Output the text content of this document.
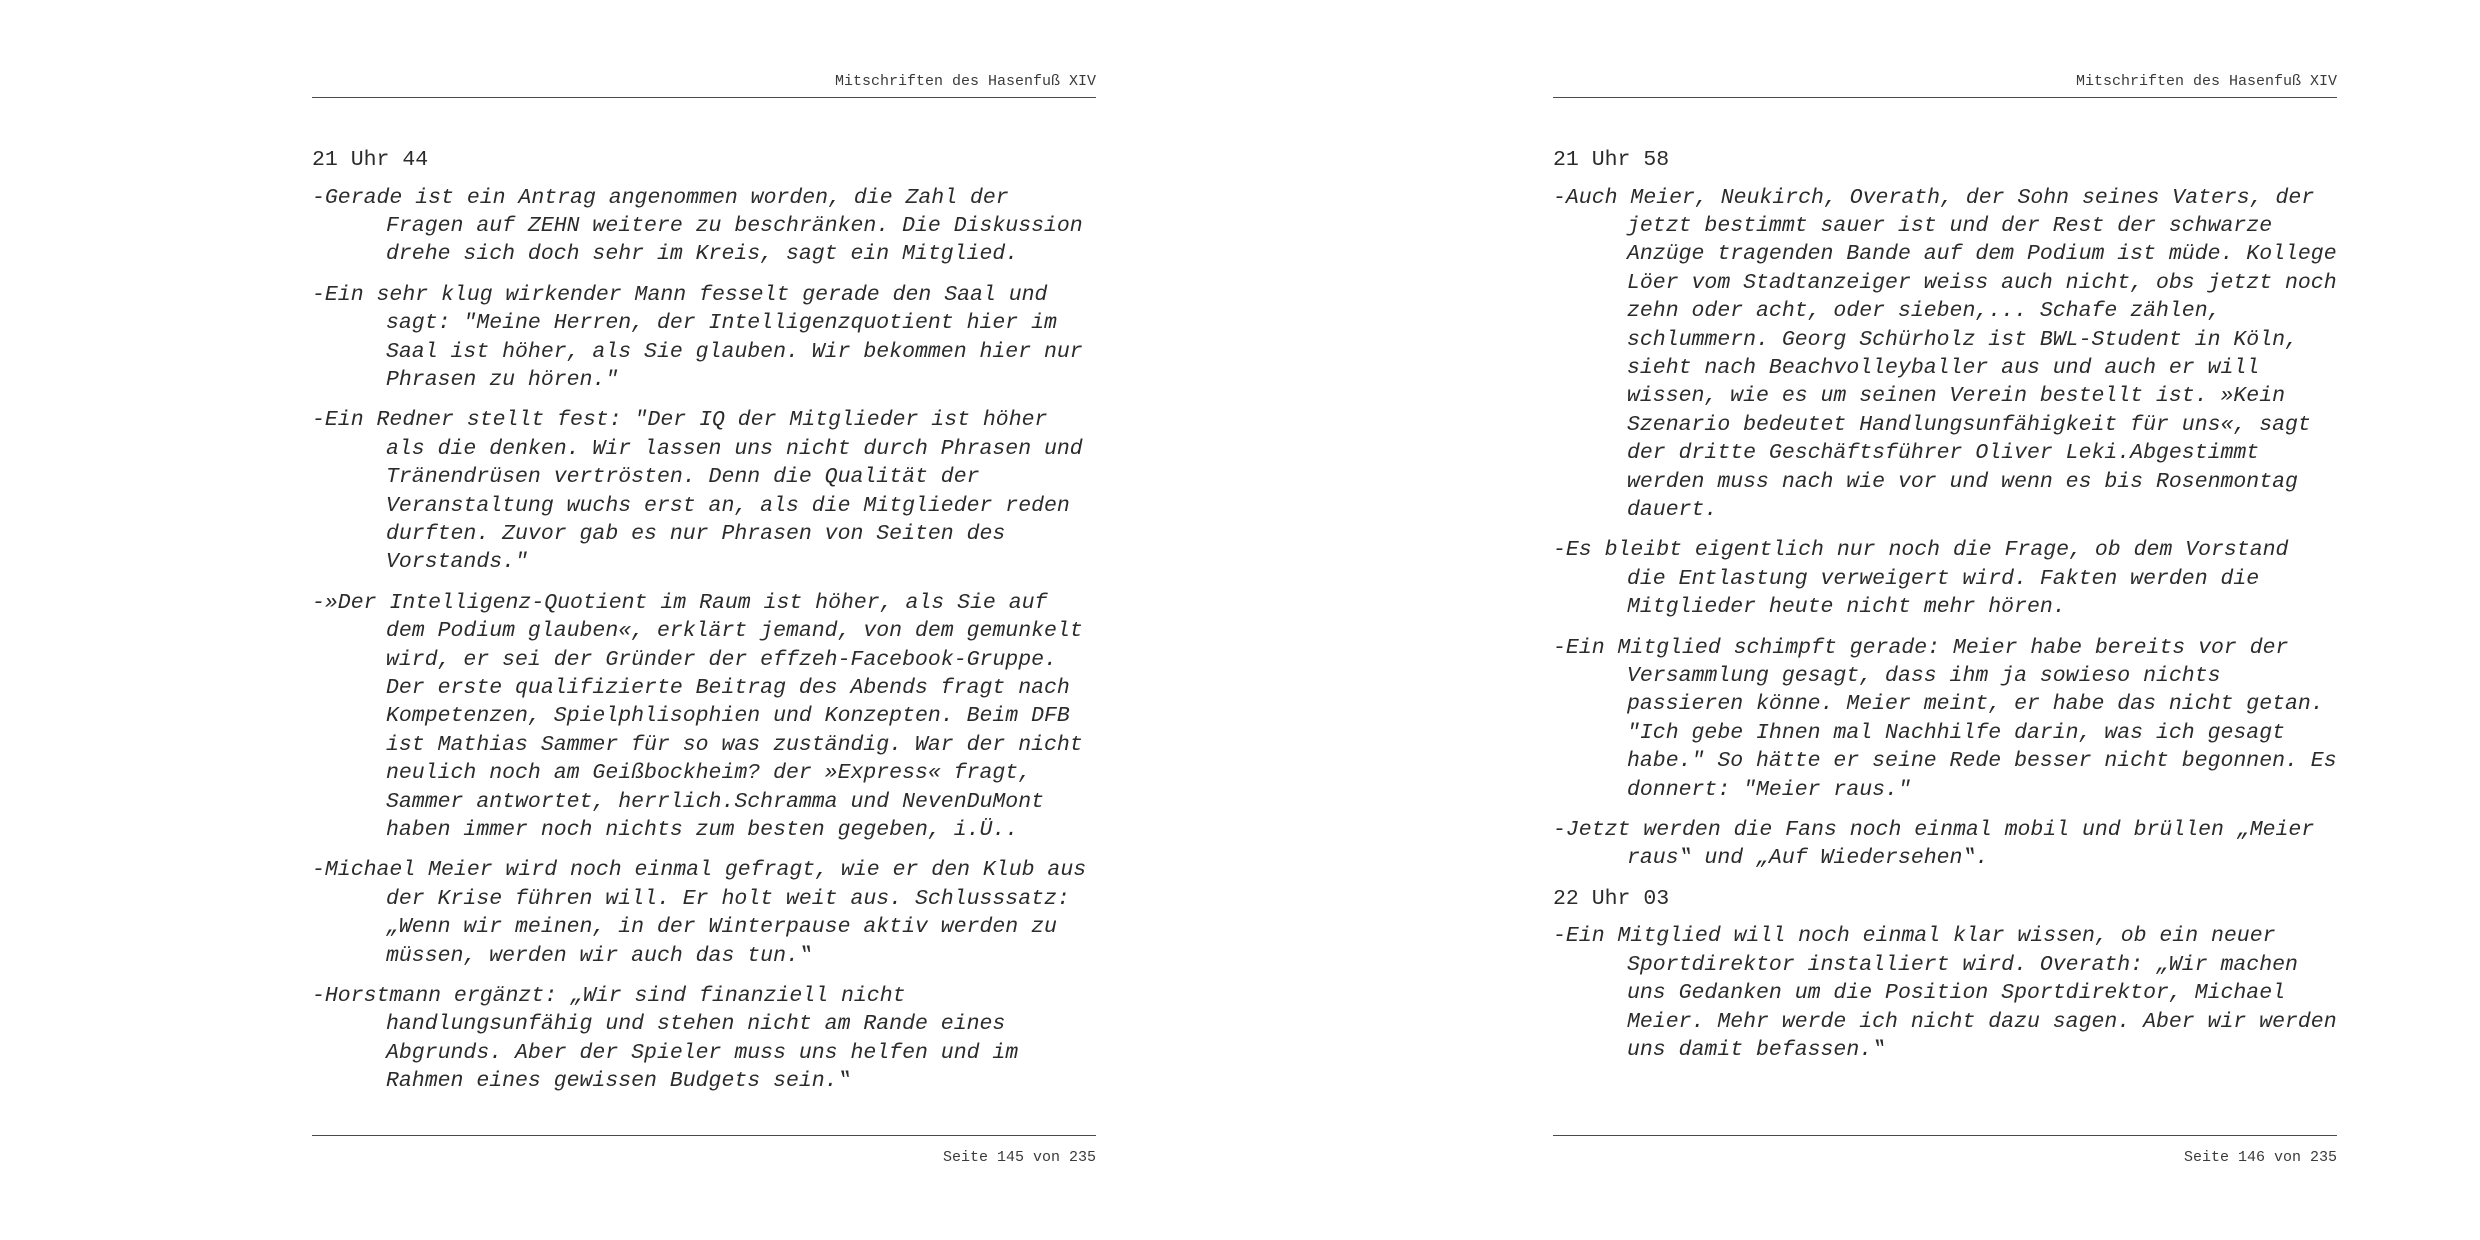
Mitschriften des Hasenfuß XIV
21 Uhr 44

-Gerade ist ein Antrag angenommen worden, die Zahl der Fragen auf ZEHN weitere zu beschränken. Die Diskussion drehe sich doch sehr im Kreis, sagt ein Mitglied.

-Ein sehr klug wirkender Mann fesselt gerade den Saal und sagt: "Meine Herren, der Intelligenzquotient hier im Saal ist höher, als Sie glauben. Wir bekommen hier nur Phrasen zu hören."

-Ein Redner stellt fest: "Der IQ der Mitglieder ist höher als die denken. Wir lassen uns nicht durch Phrasen und Tränendrüsen vertrösten. Denn die Qualität der Veranstaltung wuchs erst an, als die Mitglieder reden durften. Zuvor gab es nur Phrasen von Seiten des Vorstands."

-»Der Intelligenz-Quotient im Raum ist höher, als Sie auf dem Podium glauben«, erklärt jemand, von dem gemunkelt wird, er sei der Gründer der effzeh-Facebook-Gruppe. Der erste qualifizierte Beitrag des Abends fragt nach Kompetenzen, Spielphlisophien und Konzepten. Beim DFB ist Mathias Sammer für so was zuständig. War der nicht neulich noch am Geißbockheim? der »Express« fragt, Sammer antwortet, herrlich.Schramma und NevenDuMont haben immer noch nichts zum besten gegeben, i.Ü..

-Michael Meier wird noch einmal gefragt, wie er den Klub aus der Krise führen will. Er holt weit aus. Schlusssatz: „Wenn wir meinen, in der Winterpause aktiv werden zu müssen, werden wir auch das tun.‟

-Horstmann ergänzt: „Wir sind finanziell nicht handlungsunfähig und stehen nicht am Rande eines Abgrunds. Aber der Spieler muss uns helfen und im Rahmen eines gewissen Budgets sein.‟

Seite 145 von 235
Mitschriften des Hasenfuß XIV
21 Uhr 58

-Auch Meier, Neukirch, Overath, der Sohn seines Vaters, der jetzt bestimmt sauer ist und der Rest der schwarze Anzüge tragenden Bande auf dem Podium ist müde. Kollege Löer vom Stadtanzeiger weiss auch nicht, obs jetzt noch zehn oder acht, oder sieben,... Schafe zählen, schlummern. Georg Schürholz ist BWL-Student in Köln, sieht nach Beachvolleyballer aus und auch er will wissen, wie es um seinen Verein bestellt ist. »Kein Szenario bedeutet Handlungsunfähigkeit für uns«, sagt der dritte Geschäftsführer Oliver Leki.Abgestimmt werden muss nach wie vor und wenn es bis Rosenmontag dauert.

-Es bleibt eigentlich nur noch die Frage, ob dem Vorstand die Entlastung verweigert wird. Fakten werden die Mitglieder heute nicht mehr hören.

-Ein Mitglied schimpft gerade: Meier habe bereits vor der Versammlung gesagt, dass ihm ja sowieso nichts passieren könne. Meier meint, er habe das nicht getan. "Ich gebe Ihnen mal Nachhilfe darin, was ich gesagt habe." So hätte er seine Rede besser nicht begonnen. Es donnert: "Meier raus."

-Jetzt werden die Fans noch einmal mobil und brüllen „Meier raus‟ und „Auf Wiedersehen‟.

22 Uhr 03

-Ein Mitglied will noch einmal klar wissen, ob ein neuer Sportdirektor installiert wird. Overath: „Wir machen uns Gedanken um die Position Sportdirektor, Michael Meier. Mehr werde ich nicht dazu sagen. Aber wir werden uns damit befassen.‟

Seite 146 von 235
